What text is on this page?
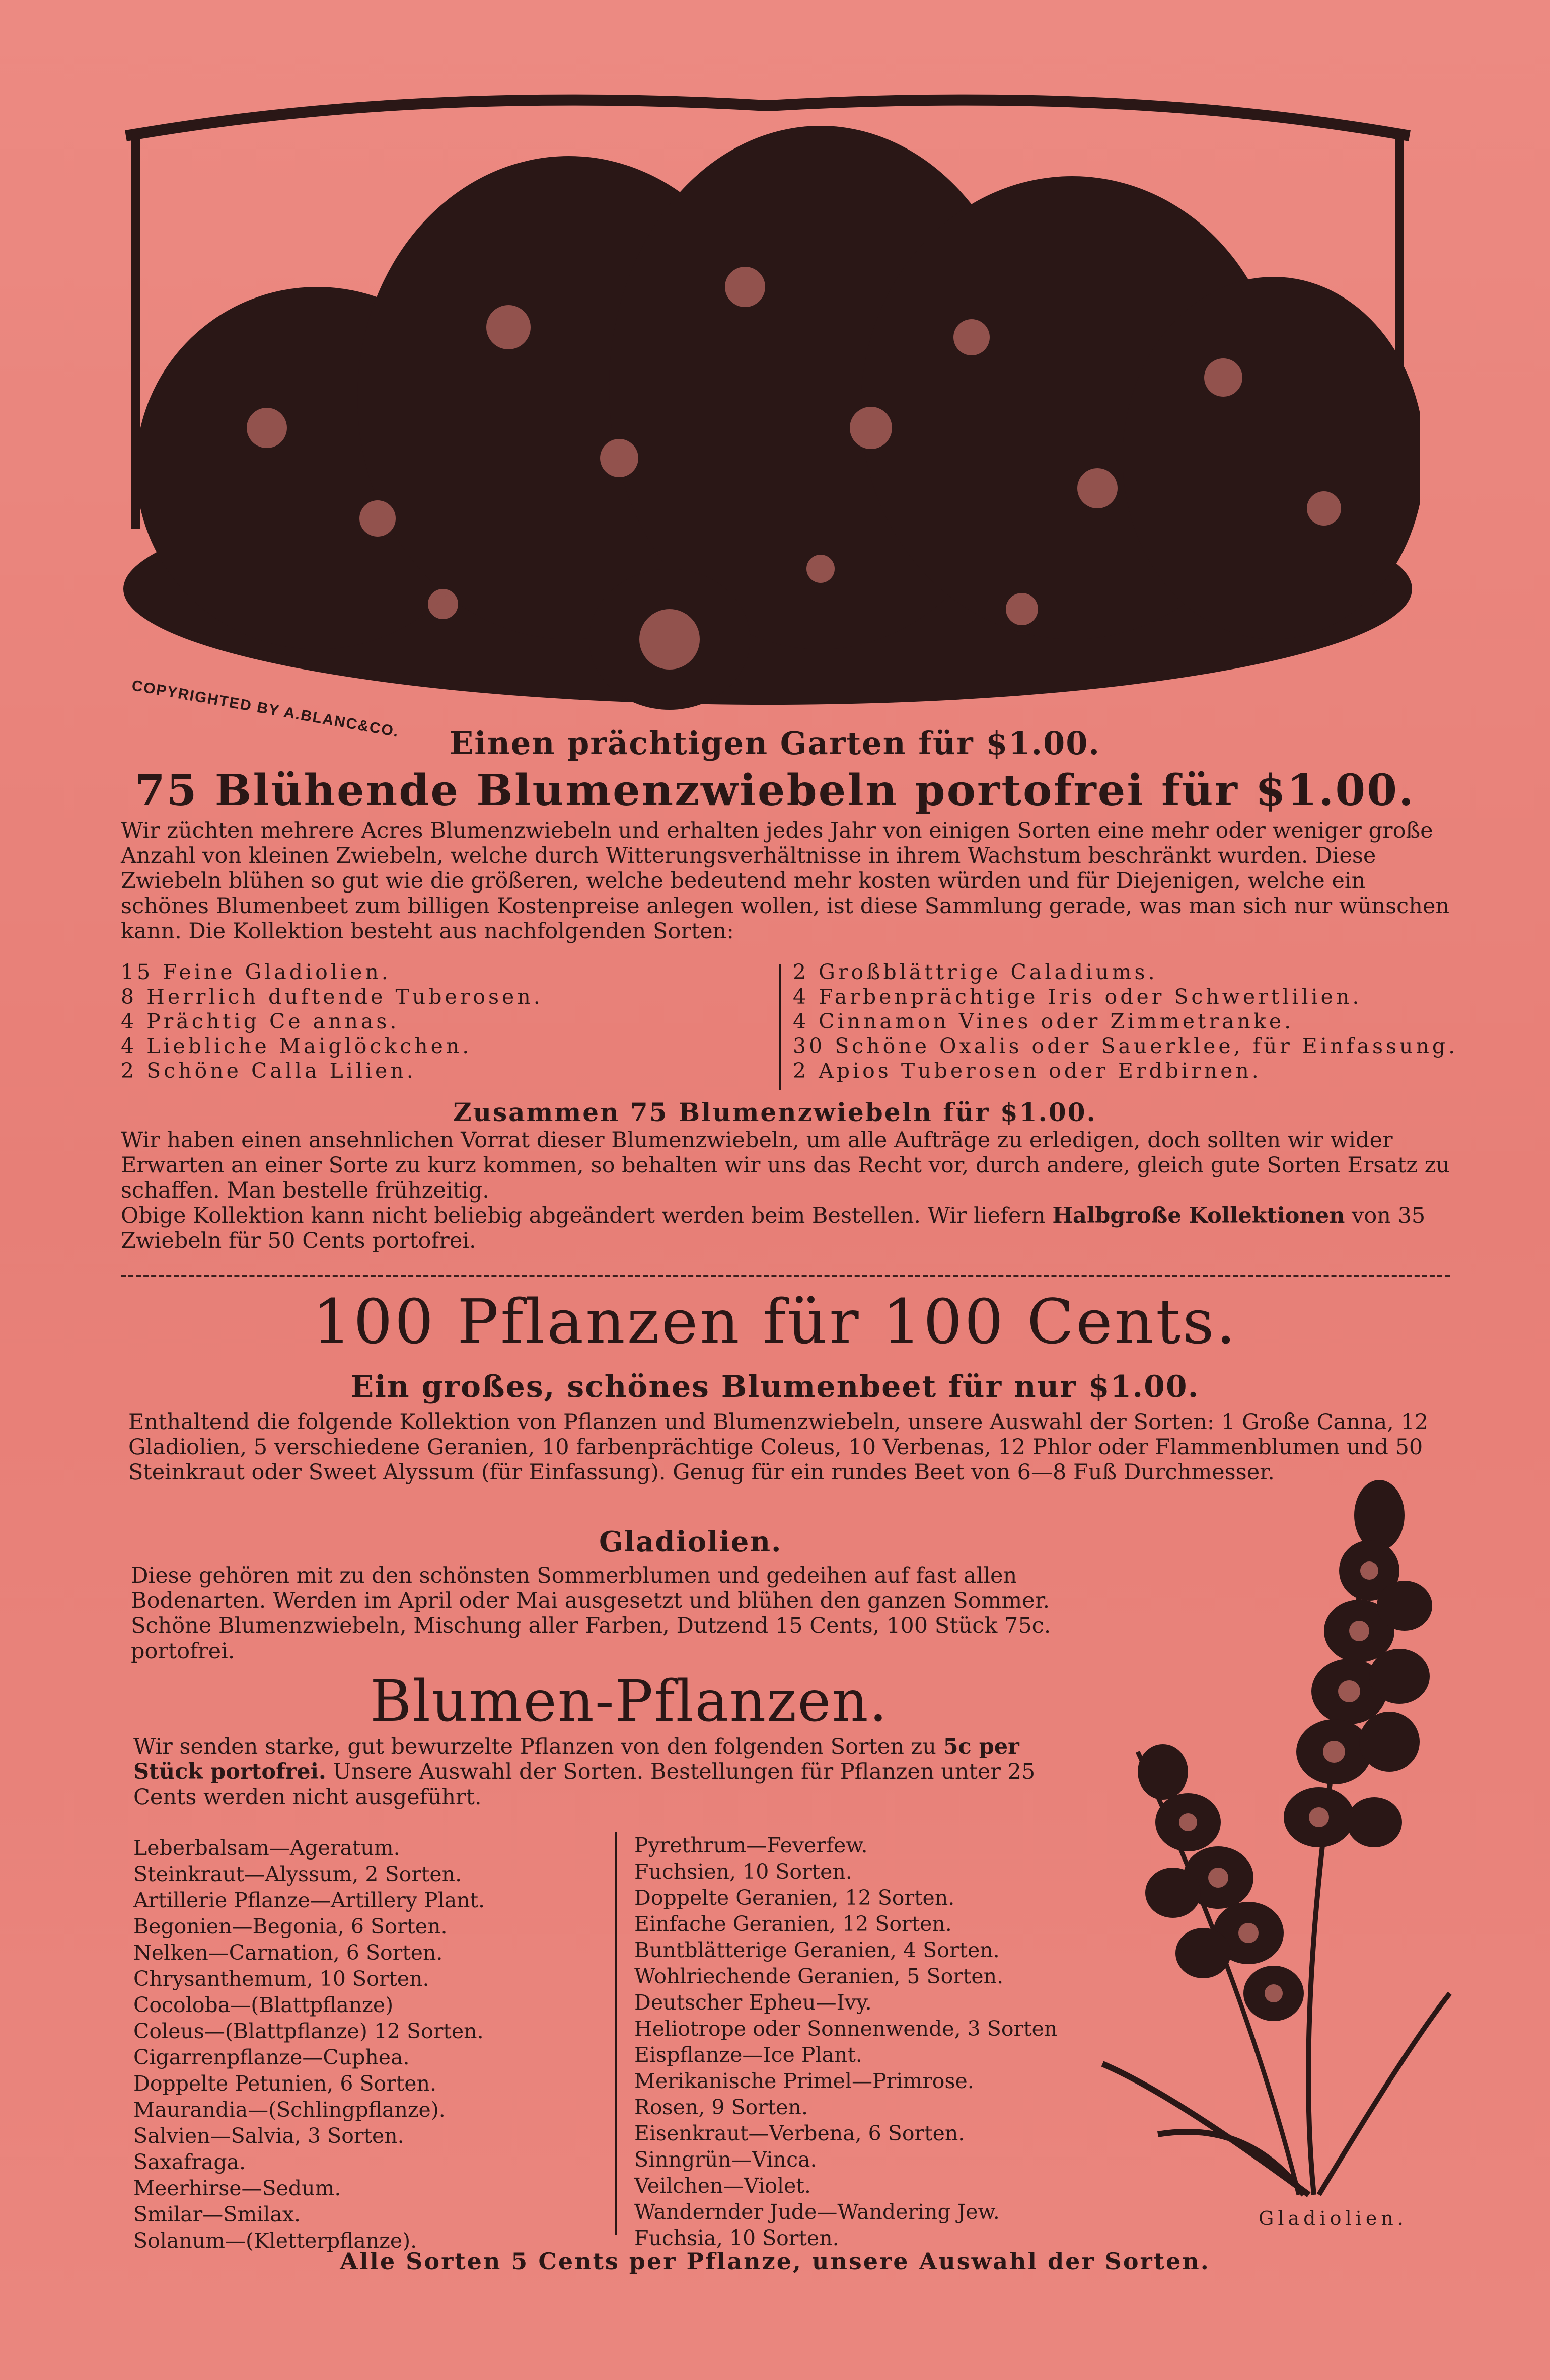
COPYRIGHTED BY A.BLANC&CO.
Einen prächtigen Garten für $1.00.
75 Blühende Blumenzwiebeln portofrei für $1.00.
Wir züchten mehrere Acres Blumenzwiebeln und erhalten jedes Jahr von einigen Sorten eine mehr oder weniger große Anzahl von kleinen Zwiebeln, welche durch Witterungsverhältnisse in ihrem Wachstum beschränkt wurden. Diese Zwiebeln blühen so gut wie die größeren, welche bedeutend mehr kosten würden und für Diejenigen, welche ein schönes Blumenbeet zum billigen Kostenpreise anlegen wollen, ist diese Sammlung gerade, was man sich nur wünschen kann. Die Kollektion besteht aus nachfolgenden Sorten:
15 Feine Gladiolien.
8 Herrlich duftende Tuberosen.
4 Prächtig Ce annas.
4 Liebliche Maiglöckchen.
2 Schöne Calla Lilien.
2 Großblättrige Caladiums.
4 Farbenprächtige Iris oder Schwertlilien.
4 Cinnamon Vines oder Zimmetranke.
30 Schöne Oxalis oder Sauerklee, für Einfassung.
2 Apios Tuberosen oder Erdbirnen.
Zusammen 75 Blumenzwiebeln für $1.00.
Wir haben einen ansehnlichen Vorrat dieser Blumenzwiebeln, um alle Aufträge zu erledigen, doch sollten wir wider Erwarten an einer Sorte zu kurz kommen, so behalten wir uns das Recht vor, durch andere, gleich gute Sorten Ersatz zu schaffen. Man bestelle frühzeitig.
Obige Kollektion kann nicht beliebig abgeändert werden beim Bestellen. Wir liefern Halbgroße Kollektionen von 35 Zwiebeln für 50 Cents portofrei.
100 Pflanzen für 100 Cents.
Ein großes, schönes Blumenbeet für nur $1.00.
Enthaltend die folgende Kollektion von Pflanzen und Blumenzwiebeln, unsere Auswahl der Sorten: 1 Große Canna, 12 Gladiolien, 5 verschiedene Geranien, 10 farbenprächtige Coleus, 10 Verbenas, 12 Phlor oder Flammenblumen und 50 Steinkraut oder Sweet Alyssum (für Einfassung). Genug für ein rundes Beet von 6—8 Fuß Durchmesser.
Gladiolien.
Diese gehören mit zu den schönsten Sommerblumen und gedeihen auf fast allen Bodenarten. Werden im April oder Mai ausgesetzt und blühen den ganzen Sommer. Schöne Blumenzwiebeln, Mischung aller Farben, Dutzend 15 Cents, 100 Stück 75c. portofrei.
Blumen-Pflanzen.
Wir senden starke, gut bewurzelte Pflanzen von den folgenden Sorten zu 5c per Stück portofrei. Unsere Auswahl der Sorten. Bestellungen für Pflanzen unter 25 Cents werden nicht ausgeführt.
Leberbalsam—Ageratum.
Steinkraut—Alyssum, 2 Sorten.
Artillerie Pflanze—Artillery Plant.
Begonien—Begonia, 6 Sorten.
Nelken—Carnation, 6 Sorten.
Chrysanthemum, 10 Sorten.
Cocoloba—(Blattpflanze)
Coleus—(Blattpflanze) 12 Sorten.
Cigarrenpflanze—Cuphea.
Doppelte Petunien, 6 Sorten.
Maurandia—(Schlingpflanze).
Salvien—Salvia, 3 Sorten.
Saxafraga.
Meerhirse—Sedum.
Smilar—Smilax.
Solanum—(Kletterpflanze).
Pyrethrum—Feverfew.
Fuchsien, 10 Sorten.
Doppelte Geranien, 12 Sorten.
Einfache Geranien, 12 Sorten.
Buntblätterige Geranien, 4 Sorten.
Wohlriechende Geranien, 5 Sorten.
Deutscher Epheu—Ivy.
Heliotrope oder Sonnenwende, 3 Sorten
Eispflanze—Ice Plant.
Merikanische Primel—Primrose.
Rosen, 9 Sorten.
Eisenkraut—Verbena, 6 Sorten.
Sinngrün—Vinca.
Veilchen—Violet.
Wandernder Jude—Wandering Jew.
Fuchsia, 10 Sorten.
Gladiolien.
Alle Sorten 5 Cents per Pflanze, unsere Auswahl der Sorten.
